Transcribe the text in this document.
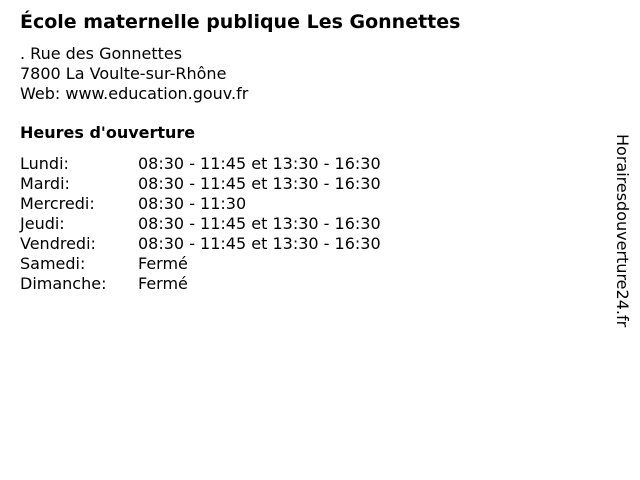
École maternelle publique Les Gonnettes
. Rue des Gonnettes
7800 La Voulte-sur-Rhône
Web: www.education.gouv.fr
Heures d'ouverture
Lundi:	08:30 - 11:45 et 13:30 - 16:30
Mardi:	08:30 - 11:45 et 13:30 - 16:30
Mercredi:	08:30 - 11:30
Jeudi:	08:30 - 11:45 et 13:30 - 16:30
Vendredi:	08:30 - 11:45 et 13:30 - 16:30
Samedi:	Fermé
Dimanche:	Fermé	Horairesdouverture24.fr
